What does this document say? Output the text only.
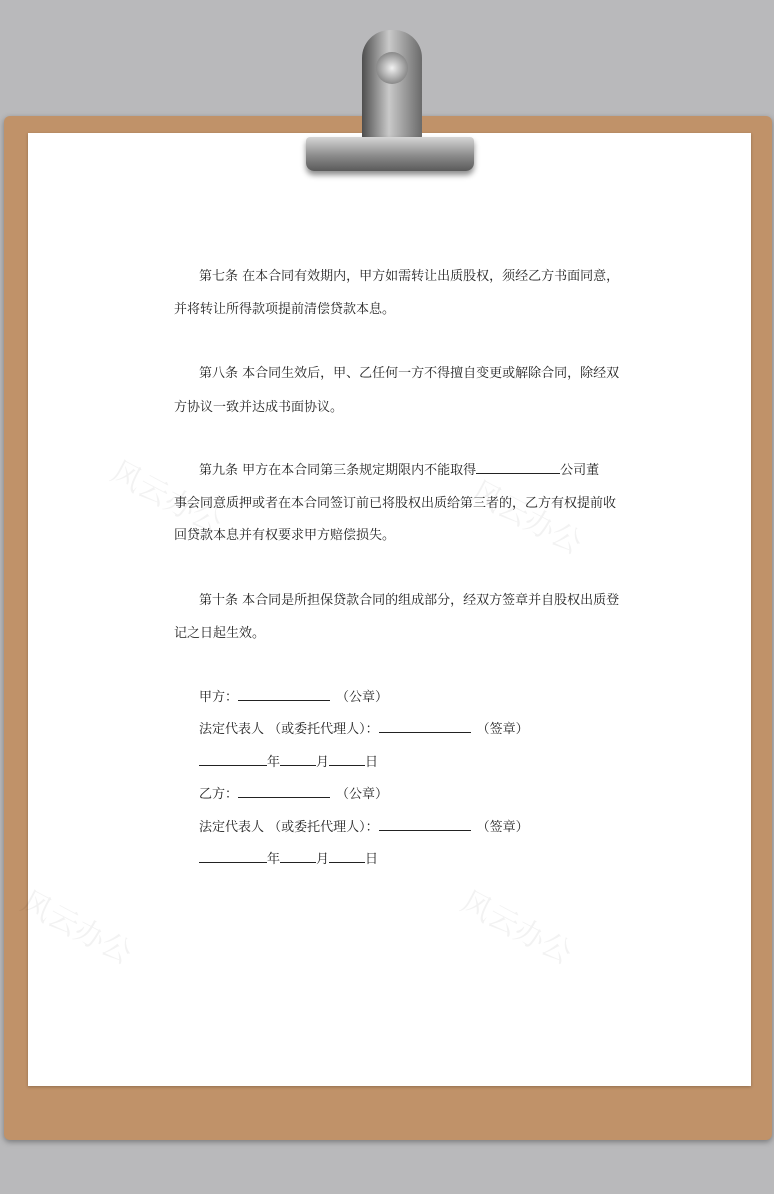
风云办公	风云办公
风云办公	风云办公
第七条 在本合同有效期内，甲方如需转让出质股权，须经乙方书面同意，
并将转让所得款项提前清偿贷款本息。
第八条 本合同生效后，甲、乙任何一方不得擅自变更或解除合同，除经双
方协议一致并达成书面协议。
第九条 甲方在本合同第三条规定期限内不能取得	公司董
事会同意质押或者在本合同签订前已将股权出质给第三者的，乙方有权提前收
回贷款本息并有权要求甲方赔偿损失。
第十条 本合同是所担保贷款合同的组成部分，经双方签章并自股权出质登
记之日起生效。
甲方：	（公章）
法定代表人 （或委托代理人）：	（签章）
年	月	日
乙方：	（公章）
法定代表人 （或委托代理人）：	（签章）
年	月	日
